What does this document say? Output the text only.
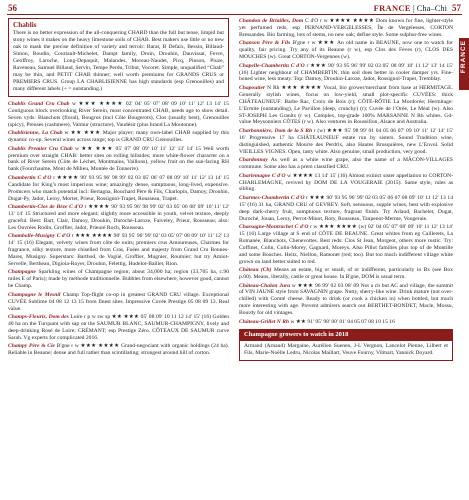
56	FRANCE | Cha–Chi 57
FRANCE
Chablis
There is no better expression of the all-conquering CHARD than the full but tense, limpid but stony wines it makes on the heavy limestone soils of CHAB. Best makers use little or no new oak to mask the precise definition of variety and terroir: Barat, B Defaix, Bessin, Billaud-Simon, Boudin, Courtault-Michelet, Dampt family, Droin, Drouhin, Dauvissat, Fevre, Geoffroy, Laroche, Long-Depaquit, Malandes, Moreau-Naudet, Picq, Pinson, Piuze, Raveneau, Samuel Billaud, Servin, Tempe Perdu, Tribut, Vocoret. Simple, unqualified “Chab” may be thin, and PETIT CHAB thinner; well worth premiums for GRANDS CRUS or PREMIERS CRUS. Group LA CHABLISIENNE has high standards (esp Grenouilles) and many different labels (+ = outstanding.)
Chablis Grand Cru Chab w ★★★ ★★★★ 02' 04' 05' 07' 08' 09 10' 11' 12' 13 14' 15 Contiguous block overlooking River Serein, most concentrated CHAB, needs age to show detail. Seven vyds: Blanchots (floral), Bougros (incl Côte Bougerots), Clos (usually best), Grenouilles (spicy), Preuses (cashmere), Valmur (structure), Vaudésir (plus brand La Moutonne).
Chablisienne, La Chab w ★★ ★★★ Major player; many own-label CHAB supplied by this dynamic co-op. Several wines across range; top is GRAND CRU Grenouilles.
Chablis Premier Cru Chab w ★★ ★★★ 05' 07' 08' 09' 10' 11' 12' 13' 14' 15 Well worth premium over straight CHAB: better sites on rolling hillsides; more white-flower character on a bank of River Serein (Côte de Léchet, Montmains, Vaillons), yellow fruit on the sun-facing RH bank (Fourchaume, Mont de Milieu, Montée de Tonnerre).
Chambertin C d'O r ★★★★ 90' 93 95 96' 98 99' 02 03 05' 06' 07 08 09' 10' 11' 12' 13 14' 15 Candidate for King’s most imperious wine; amazingly dense, sumptuous, long-lived, expensive. Producers who match potential incl: Bertagna, Bouchard Père & Fils, Charlopin, Damoy, Drouhin, Dugat-Py, Jadot, Leroy, Mortet, Prieur, Rossignol-Trapet, Rousseau, Trapet.
Chambertin-Clos de Bèze C d'O r ★★★★ 90' 93 95 96' 98 99' 02' 03 05' 06 08' 09' 10' 11' 12' 13' 14' 15 Structured and more elegant; slightly more accessible in youth, velvet texture, deeply graceful. Best: Bart, Clair, Damoy, Drouhin, Duroché-Laroze, Faiveley, Prieur, Rousseau; also: Les Ouvrées Rodin, Groffier, Jadot, Prieuré Roch, Rousseau.
Chambolle-Musigny C d'O r ★★★ ★★★★ 90' 93 95' 96' 99' 02' 03 05' 07' 08 09' 10' 11' 12' 13 14' 15 (16) Elegant, velvety wines from côte de nuits; premiers crus Amoureuses, Charmes for fragrance, silky texture, more chiselled from Cras, Fuées and majesty from Grand Cru Bonnes-Mares, Musigny. Superstars: Barthod, de Vogüé, Groffier, Mugnier, Roumier; but try Amiot-Servelle, Bertheau, Digioia-Royer, Drouhin, Felettig, Hudelot-Baillet, Rion.
Champagne Sparkling wines of Champagne region; about 34,000 ha; region (33,705 ha, c.90 miles E of Paris); made by méthode traditionnelle. Bubbles from elsewhere, however good, cannot be Champ.
Champagne le Mesnil Champ Top-flight co-op in greatest GRAND CRU village. Exceptional CUVÉE Sublime 04 08 12 13 15 from finest sites. Impressive Cuvée Prestige 05 08 09 13. Real value.
Champs-Fleuris, Dom des Loire r p w sw sp ★★ ★★★ 05' 08 09' 10 11 12 14' 15' (16) Golden 40 ha on the Turquant with sap on the SAUMUR BLANC, SAUMUR-CHAMPIGNY, lively and deep-drinking Rosé de Loire; CRÉMANT; esp Prestige Zéro. CÔTEAUX DE SAUMUR curve Sarah. Vg experts for complicated 2016.
Champy Père & Cie B'gne r w ★★★ ★★★★ Grand-negociant with organic holdings (24 ha). Reliable in Beaune; dense and full rather than scintillating; strongest around hill of corton.
Chandon de Briailles, Dom C d'O r w ★★★★ ★★★★ Dom known for fine, lighter-style yet perfumed reds, esp PERNAND-VERGELESSES, Île de Vergelesses, CORTON Bressandes. Bio farming, lots of stems, no new oak; define style. Some sulphur-free wines.
Chanson Père & Fils B'gne r w ★★★ An old name in BEAUNE, now one to watch for quality, fair pricing. Try any of its Beaune (r w), esp Clos des Fèves (r), CLOS DES MOUCHES (w). Great CORTON-Vergennes (w).
Chapelle-Chambertin C d'O r ★★★ 90' 93 95 96' 99' 02 03 05' 08 09' 10' 11 12' 13' 14 15' (16) Lighter neighbour of CHAMBERTIN, thin soil does better in cooler damper yrs. Fine-boned wine, less meaty. Top: Damoy, Drouhin-Laroze, Jadot, Rossignol-Trapet, Tremblay.
Chapoutier N Rh ★★★ ★★★★ Vocal, bio grower/merchant from base at HERMITAGE. Generally stylish wines, focus on low-yield, small plot-specific CUVÉES: thick CHÂTEAUNEUF: Barbe Rac, Croix de Bois (r); CÔTE-RÔTIE La Mordorée; Hermitage: L’Ermite (outstanding), Le Pavillon (deep, crunchy) (r); Cuvée de l’Orée, Le Méal (w). Also ST-JOSEPH Les Granits (r w). Complex, top-grade 100% MARSANNE N Rh whites. Gd-value Meysonniers CÔTES (r w). Also ventures in Roussillon, Alsace and Australia.
Charbonnière, Dom de la S Rh r (w) ★★★ 95' 98 99' 01 04 05 06 07' 09 10' 11' 12' 14' 15' 16' Progressive 17 ha CHÂTEAUNEUF estate run by sisters. Sound Tradition wine, distinguished, authentic Mourre des Perdrix, also Hautes Brusquières, new L’Envol. Solid VIEILLES VIGNES. Open, tasty white. Also genuine, small production, very good.
Chardonnay As well as a white wine grape, also the name of a MÂCON-VILLAGES commune. Some also has a prem classified CRU.
Charlemagne C d'O w ★★★★ 13 14' 15' (16) Almost extinct sister appellation to CORTON-CHARLEMAGNE, revived by DOM DE LA VOUGERAIE (2015). Same style, rules as sibling.
Charmes-Chambertin C d'O r ★★★ 90' 93 95 96' 99' 02 03 05' 06 07 08 09' 10' 11 12' 13 14 15' (16) 31 ha, GRAND CRU of GEVREY. Soft, sensuous, supple wines, best with explosive deep dark-cherry fruit, sumptuous texture, fragrant finish. Try Arlaud, Bachelet, Dugat, Duroché, Jouan, Leroy, Perrot-Minot, Roty, Rousseau, Taupenot-Merme, Vougeraie.
Chassagne-Montrachet C d'O r w ★★★ ★★★★ (w) 02' 04 05' 07' 08' 09' 10' 11 12' 13 14' 15 (16) Large village at S end of CÔTE DE BEAUNE. Great whites from eg Caillerets, La Romanée, Blanchots, Chenevottes. Best reds: Clos St Jean, Morgeot, others more rustic. Try: Coffinet, Colin, Colin-Morey, Gagnard, Moreys. Also Pillot families plus top of de Montille and some Bouches. Heitz, Niellon, Ramonet (red; too). But too much indifferent village white grown on land better suited to red.
Château (Ch) Means an estate, big or small, of or indifferent, particularly in Bx (see Box p.00). Means, literally, castle or great house. In B'gne, DOM is usual term.
Château-Chalon Jura w ★★★ 96 99' 02 03 08' 09 Not a ch but AC and village, the summit of VIN JAUNE style from SAVAGNIN grape. Nutty, sherry-like wine. Drink mature (not over-chilled) with Comté cheese. Ready to drink (or cook a chicken in) when bottled, but much more interesting with age. Prevent admirers search out BERTHET-BONDET, Macle, Mossu, Bourdy for old vintages.
Château-Grillet N Rh w ★★ 91' 95' 98' 00' 01' 04 05 07 08 10 15 16
Champagne growers to watch in 2018
Armand (Arnaud) Margaine, Aurélien Suenen, J-L Vergnon, Lancelot Pienne, Lilbert et Fils, Marie-Noëlle Ledru, Nicolas Maillart, Veuve Fourny, Vilmart, Yannick Doyard.
